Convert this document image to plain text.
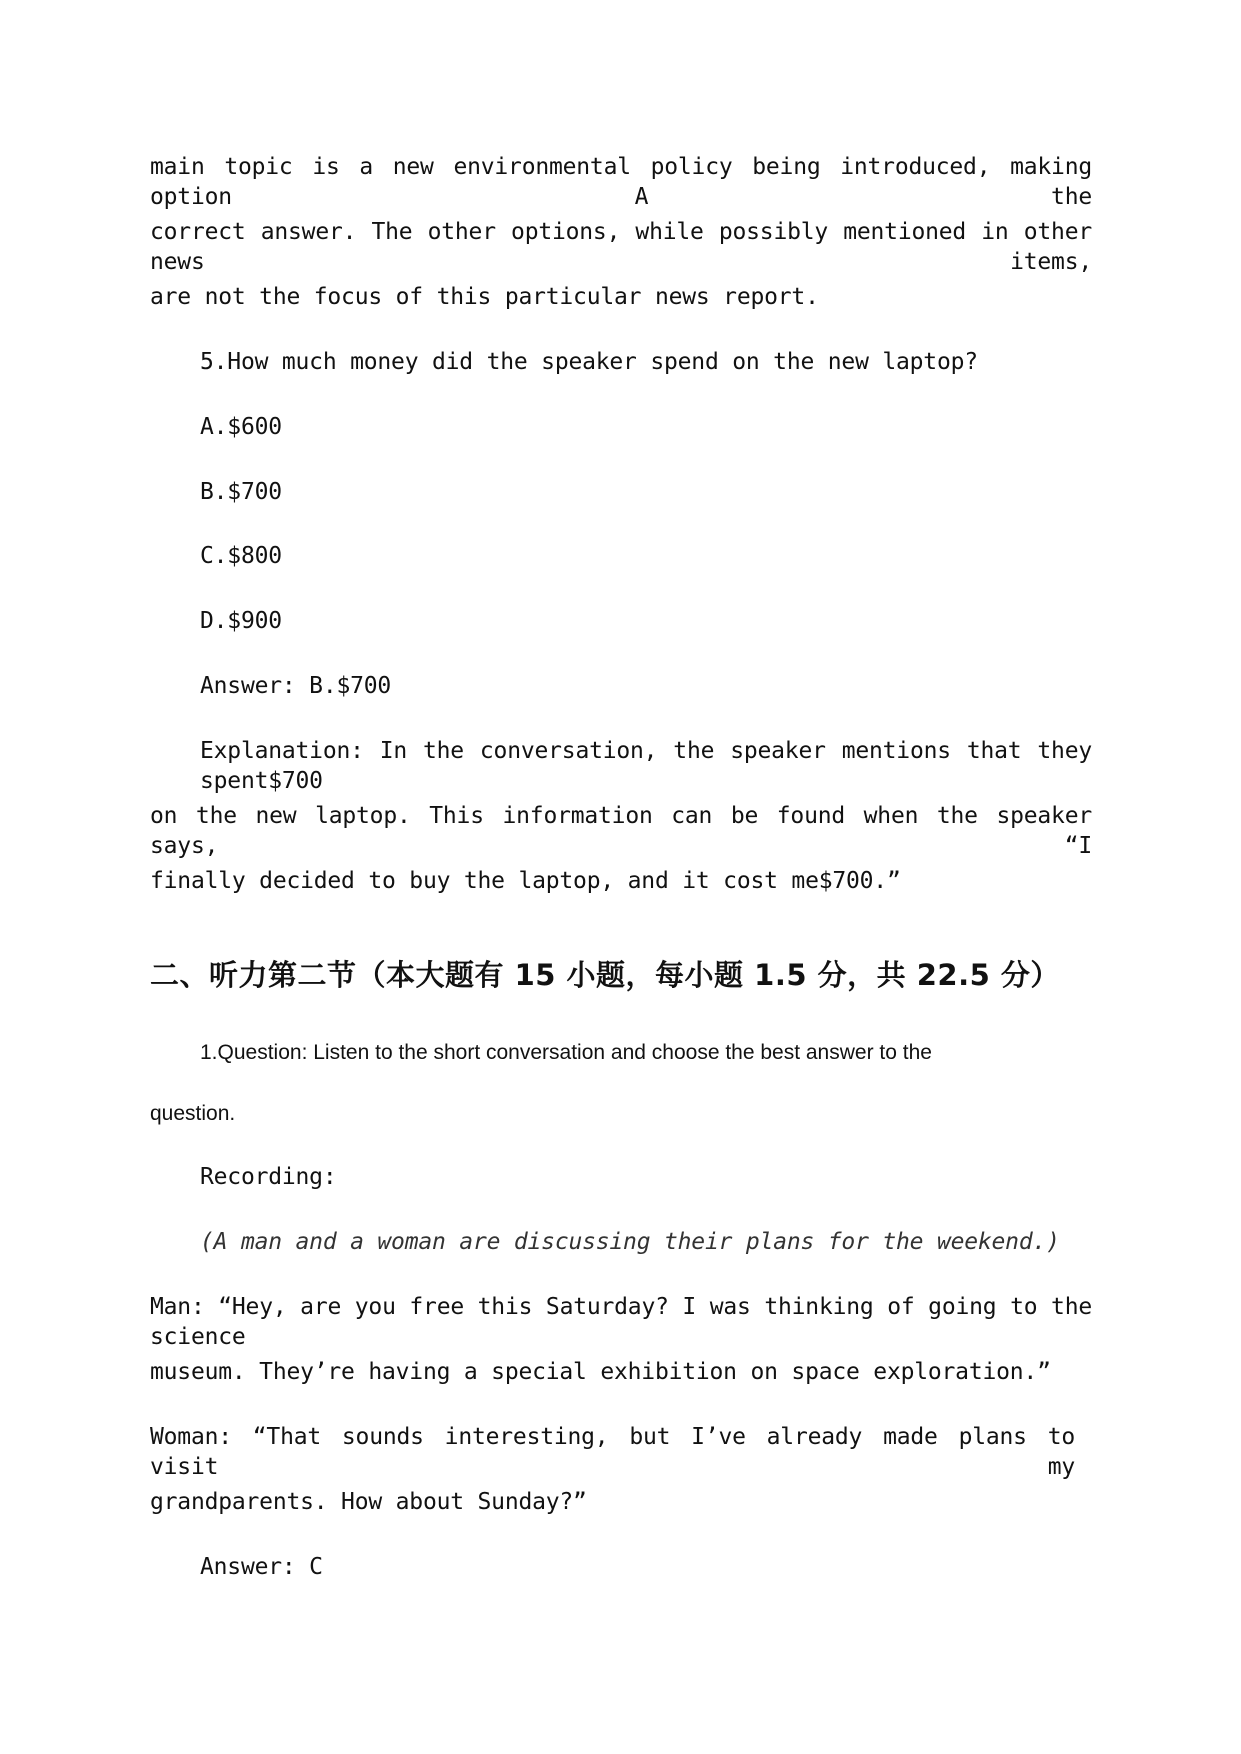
main topic is a new environmental policy being introduced, making option A the
correct answer. The other options, while possibly mentioned in other news items,
are not the focus of this particular news report.
5.How much money did the speaker spend on the new laptop?
A.$600
B.$700
C.$800
D.$900
Answer: B.$700
Explanation: In the conversation, the speaker mentions that they spent$700
on the new laptop. This information can be found when the speaker says, “I
finally decided to buy the laptop, and it cost me$700.”
二、听力第二节（本大题有 15 小题，每小题 1.5 分，共 22.5 分）
1.Question: Listen to the short conversation and choose the best answer to the
question.
Recording:
(A man and a woman are discussing their plans for the weekend.)
Man: “Hey, are you free this Saturday? I was thinking of going to the science
museum. They’re having a special exhibition on space exploration.”
Woman: “That sounds interesting, but I’ve already made plans to visit my
grandparents. How about Sunday?”
Answer: C
